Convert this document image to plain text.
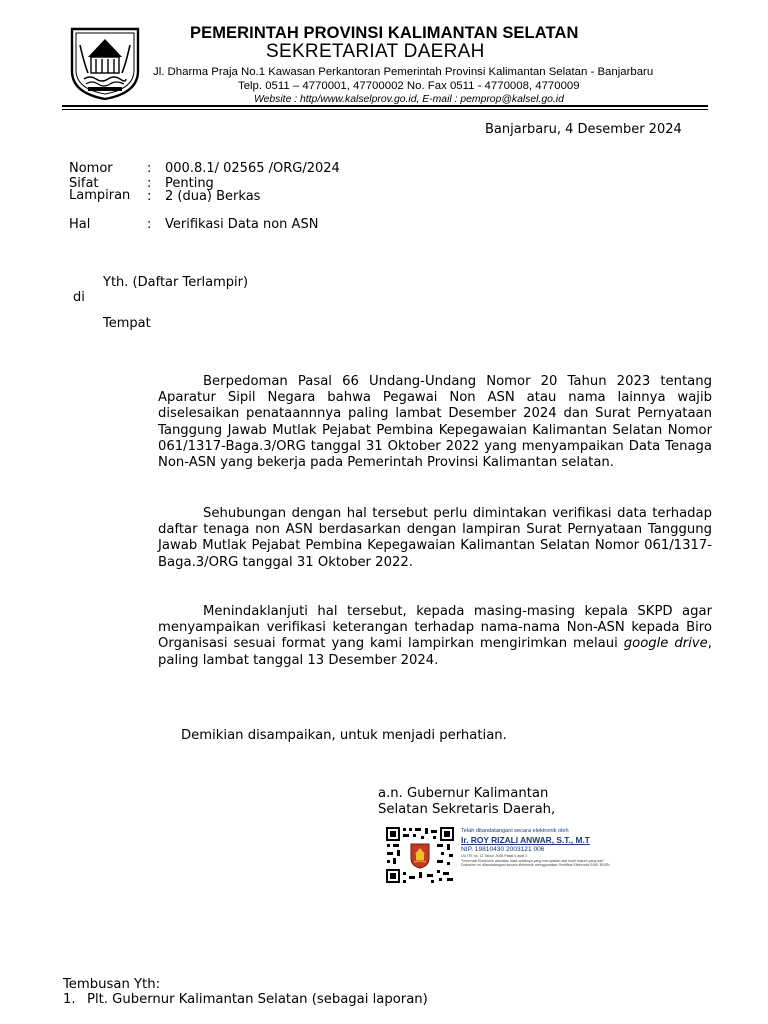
PEMERINTAH PROVINSI KALIMANTAN SELATAN
SEKRETARIAT DAERAH
Jl. Dharma Praja No.1 Kawasan Perkantoran Pemerintah Provinsi Kalimantan Selatan - Banjarbaru
Telp. 0511 – 4770001, 47700002 No. Fax 0511 - 4770008, 4770009
Website : http/www.kalselprov.go.id, E-mail : pemprop@kalsel.go.id
Banjarbaru, 4 Desember 2024
Nomor	: 000.8.1/ 02565 /ORG/2024
Sifat	: Penting
Lampiran	: 2 (dua) Berkas
Hal	: Verifikasi Data non ASN
Yth. (Daftar Terlampir)
di
Tempat
Berpedoman Pasal 66 Undang-Undang Nomor 20 Tahun 2023 tentang Aparatur Sipil Negara bahwa Pegawai Non ASN atau nama lainnya wajib diselesaikan penataannnya paling lambat Desember 2024 dan Surat Pernyataan Tanggung Jawab Mutlak Pejabat Pembina Kepegawaian Kalimantan Selatan Nomor 061/1317-Baga.3/ORG tanggal 31 Oktober 2022 yang menyampaikan Data Tenaga Non-ASN yang bekerja pada Pemerintah Provinsi Kalimantan selatan.
Sehubungan dengan hal tersebut perlu dimintakan verifikasi data terhadap daftar tenaga non ASN berdasarkan dengan lampiran Surat Pernyataan Tanggung Jawab Mutlak Pejabat Pembina Kepegawaian Kalimantan Selatan Nomor 061/1317-Baga.3/ORG tanggal 31 Oktober 2022.
Menindaklanjuti hal tersebut, kepada masing-masing kepala SKPD agar menyampaikan verifikasi keterangan terhadap nama-nama Non-ASN kepada Biro Organisasi sesuai format yang kami lampirkan mengirimkan melaui google drive, paling lambat tanggal 13 Desember 2024.
Demikian disampaikan, untuk menjadi perhatian.
a.n. Gubernur Kalimantan
Selatan Sekretaris Daerah,
Telah ditandatangani secara elektronik oleh
Ir. ROY RIZALI ANWAR, S.T., M.T
NIP. 19810430 2003121 006
UU ITE no. 11 Tahun 2008 Pasal 5 ayat 1
"Informasi Elektronik dan/atau hasil cetaknya yang merupakan alat bukti hukum yang sah"
Dokumen ini ditandatangani secara elektronik menggunakan Sertifikat Elektronik BSrE-BSSN
Tembusan Yth:
1. Plt. Gubernur Kalimantan Selatan (sebagai laporan)
